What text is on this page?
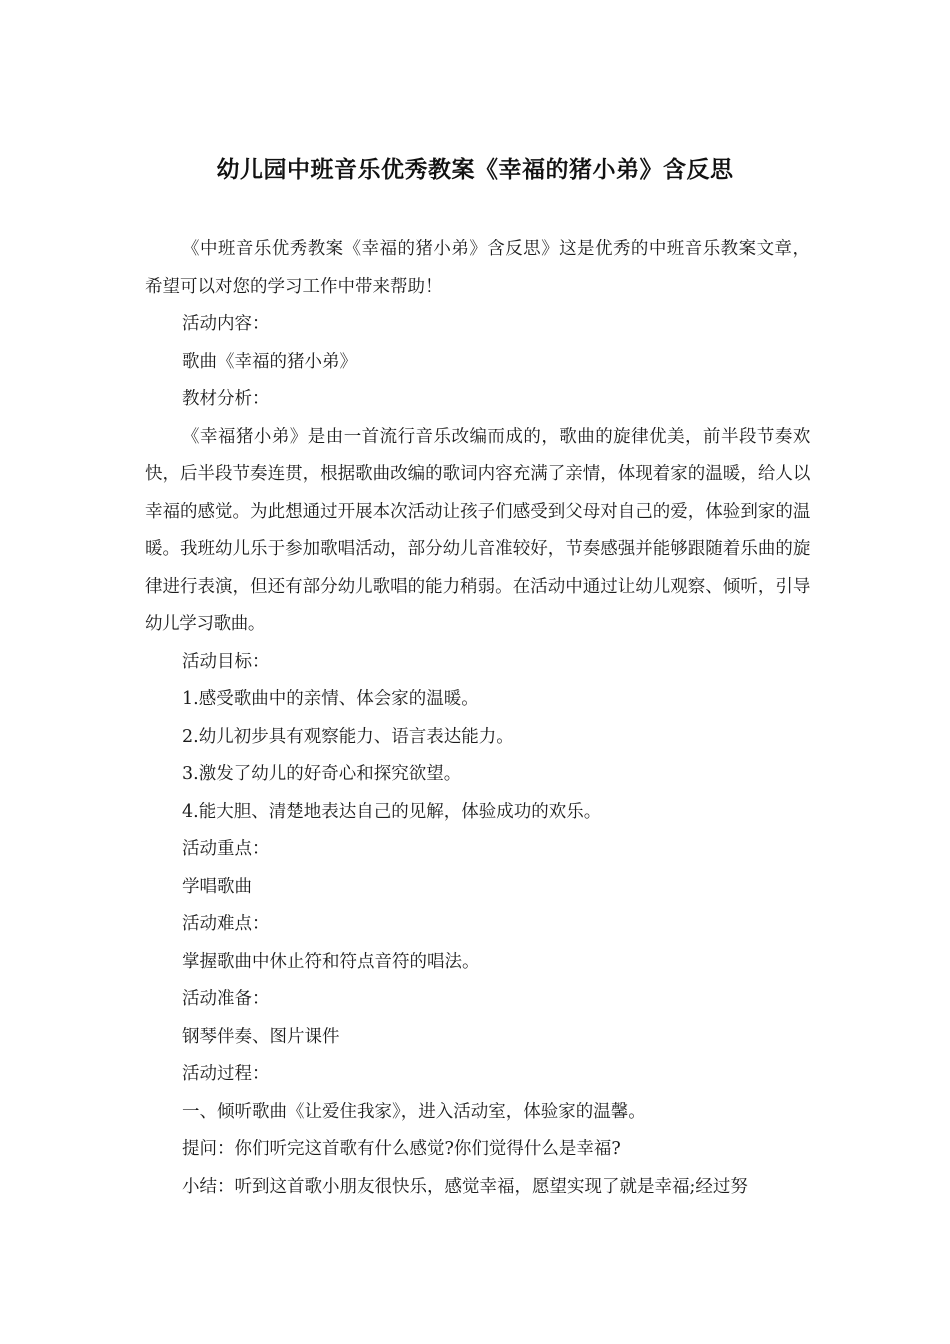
幼儿园中班音乐优秀教案《幸福的猪小弟》含反思

《中班音乐优秀教案《幸福的猪小弟》含反思》这是优秀的中班音乐教案文章，希望可以对您的学习工作中带来帮助！

活动内容：

歌曲《幸福的猪小弟》

教材分析：

《幸福猪小弟》是由一首流行音乐改编而成的，歌曲的旋律优美，前半段节奏欢快，后半段节奏连贯，根据歌曲改编的歌词内容充满了亲情，体现着家的温暖，给人以幸福的感觉。为此想通过开展本次活动让孩子们感受到父母对自己的爱，体验到家的温暖。我班幼儿乐于参加歌唱活动，部分幼儿音准较好，节奏感强并能够跟随着乐曲的旋律进行表演，但还有部分幼儿歌唱的能力稍弱。在活动中通过让幼儿观察、倾听，引导幼儿学习歌曲。

活动目标：

1.感受歌曲中的亲情、体会家的温暖。

2.幼儿初步具有观察能力、语言表达能力。

3.激发了幼儿的好奇心和探究欲望。

4.能大胆、清楚地表达自己的见解，体验成功的欢乐。

活动重点：

学唱歌曲

活动难点：

掌握歌曲中休止符和符点音符的唱法。

活动准备：

钢琴伴奏、图片课件

活动过程：

一、倾听歌曲《让爱住我家》，进入活动室，体验家的温馨。

提问：你们听完这首歌有什么感觉?你们觉得什么是幸福?

小结：听到这首歌小朋友很快乐，感觉幸福，愿望实现了就是幸福;经过努
